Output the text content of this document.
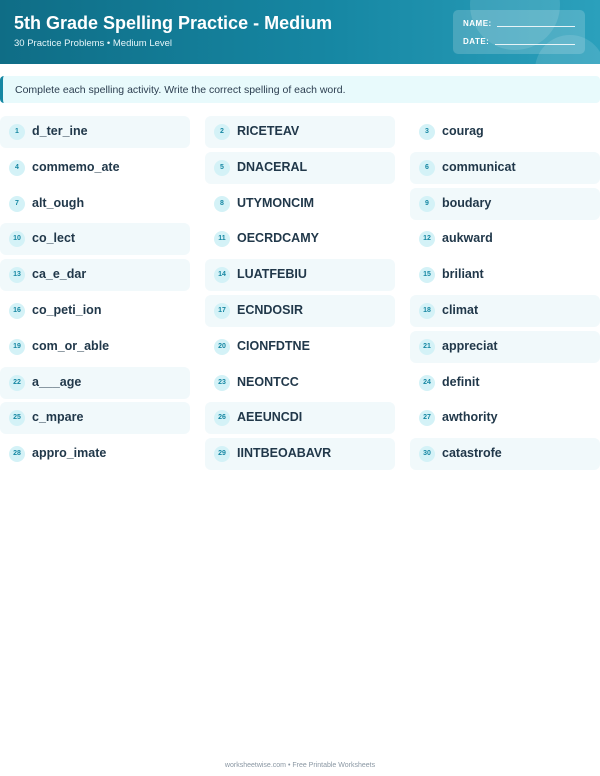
5th Grade Spelling Practice - Medium
30 Practice Problems • Medium Level
NAME:
DATE:
Complete each spelling activity. Write the correct spelling of each word.
1	d_ter_ine	2	RICETEAV	3	courag
4	commemo_ate	5	DNACERAL	6	communicat
7	alt_ough	8	UTYMONCIM	9	boudary
10 co_lect	11 OECRDCAMY	12 aukward
13 ca_e_dar	14 LUATFEBIU	15 briliant
16 co_peti_ion	17 ECNDOSIR	18 climat
19 com_or_able	20 CIONFDTNE	21 appreciat
22 a___age	23 NEONTCC	24 definit
25 c_mpare	26 AEEUNCDI	27 awthority
28 appro_imate	29 IINTBEOABAVR	30 catastrofe
worksheetwise.com • Free Printable Worksheets
